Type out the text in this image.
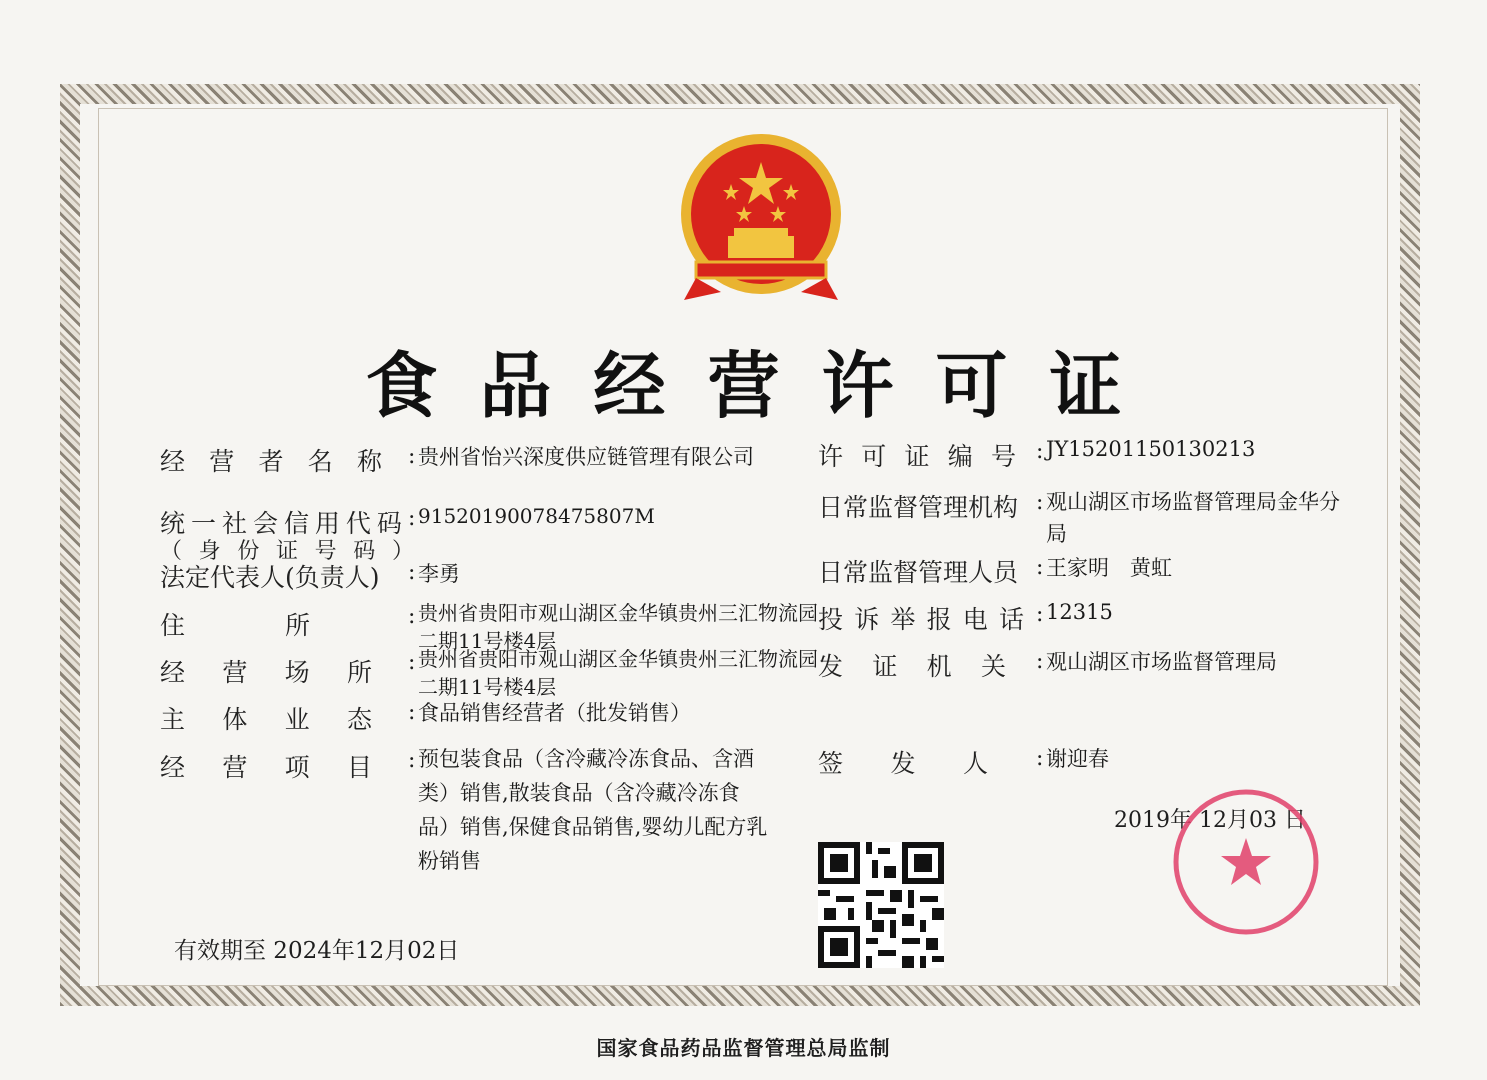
食品经营许可证
经 营 者 名 称 : 贵州省怡兴深度供应链管理有限公司
统 一 社 会 信 用 代 码
（ 身 份 证 号 码 ）
: 91520190078475807M
法定代表人(负责人)	: 李勇
住	所	: 贵州省贵阳市观山湖区金华镇贵州三汇物流园
二期11号楼4层
经 营 场 所 : 贵州省贵阳市观山湖区金华镇贵州三汇物流园
二期11号楼4层
主 体 业 态 : 食品销售经营者（批发销售）
经 营 项 目 : 预包装食品（含冷藏冷冻食品、含酒
类）销售,散装食品（含冷藏冷冻食
品）销售,保健食品销售,婴幼儿配方乳
粉销售
许 可 证 编 号 : JY15201150130213
日常监督管理机构 : 观山湖区市场监督管理局金华分
局
日常监督管理人员 : 王家明　黄虹
投 诉 举 报 电 话 : 12315
发 证 机 关 : 观山湖区市场监督管理局
签 发 人 : 谢迎春
2019年 12月03 日
有效期至 2024年12月02日
国家食品药品监督管理总局监制
